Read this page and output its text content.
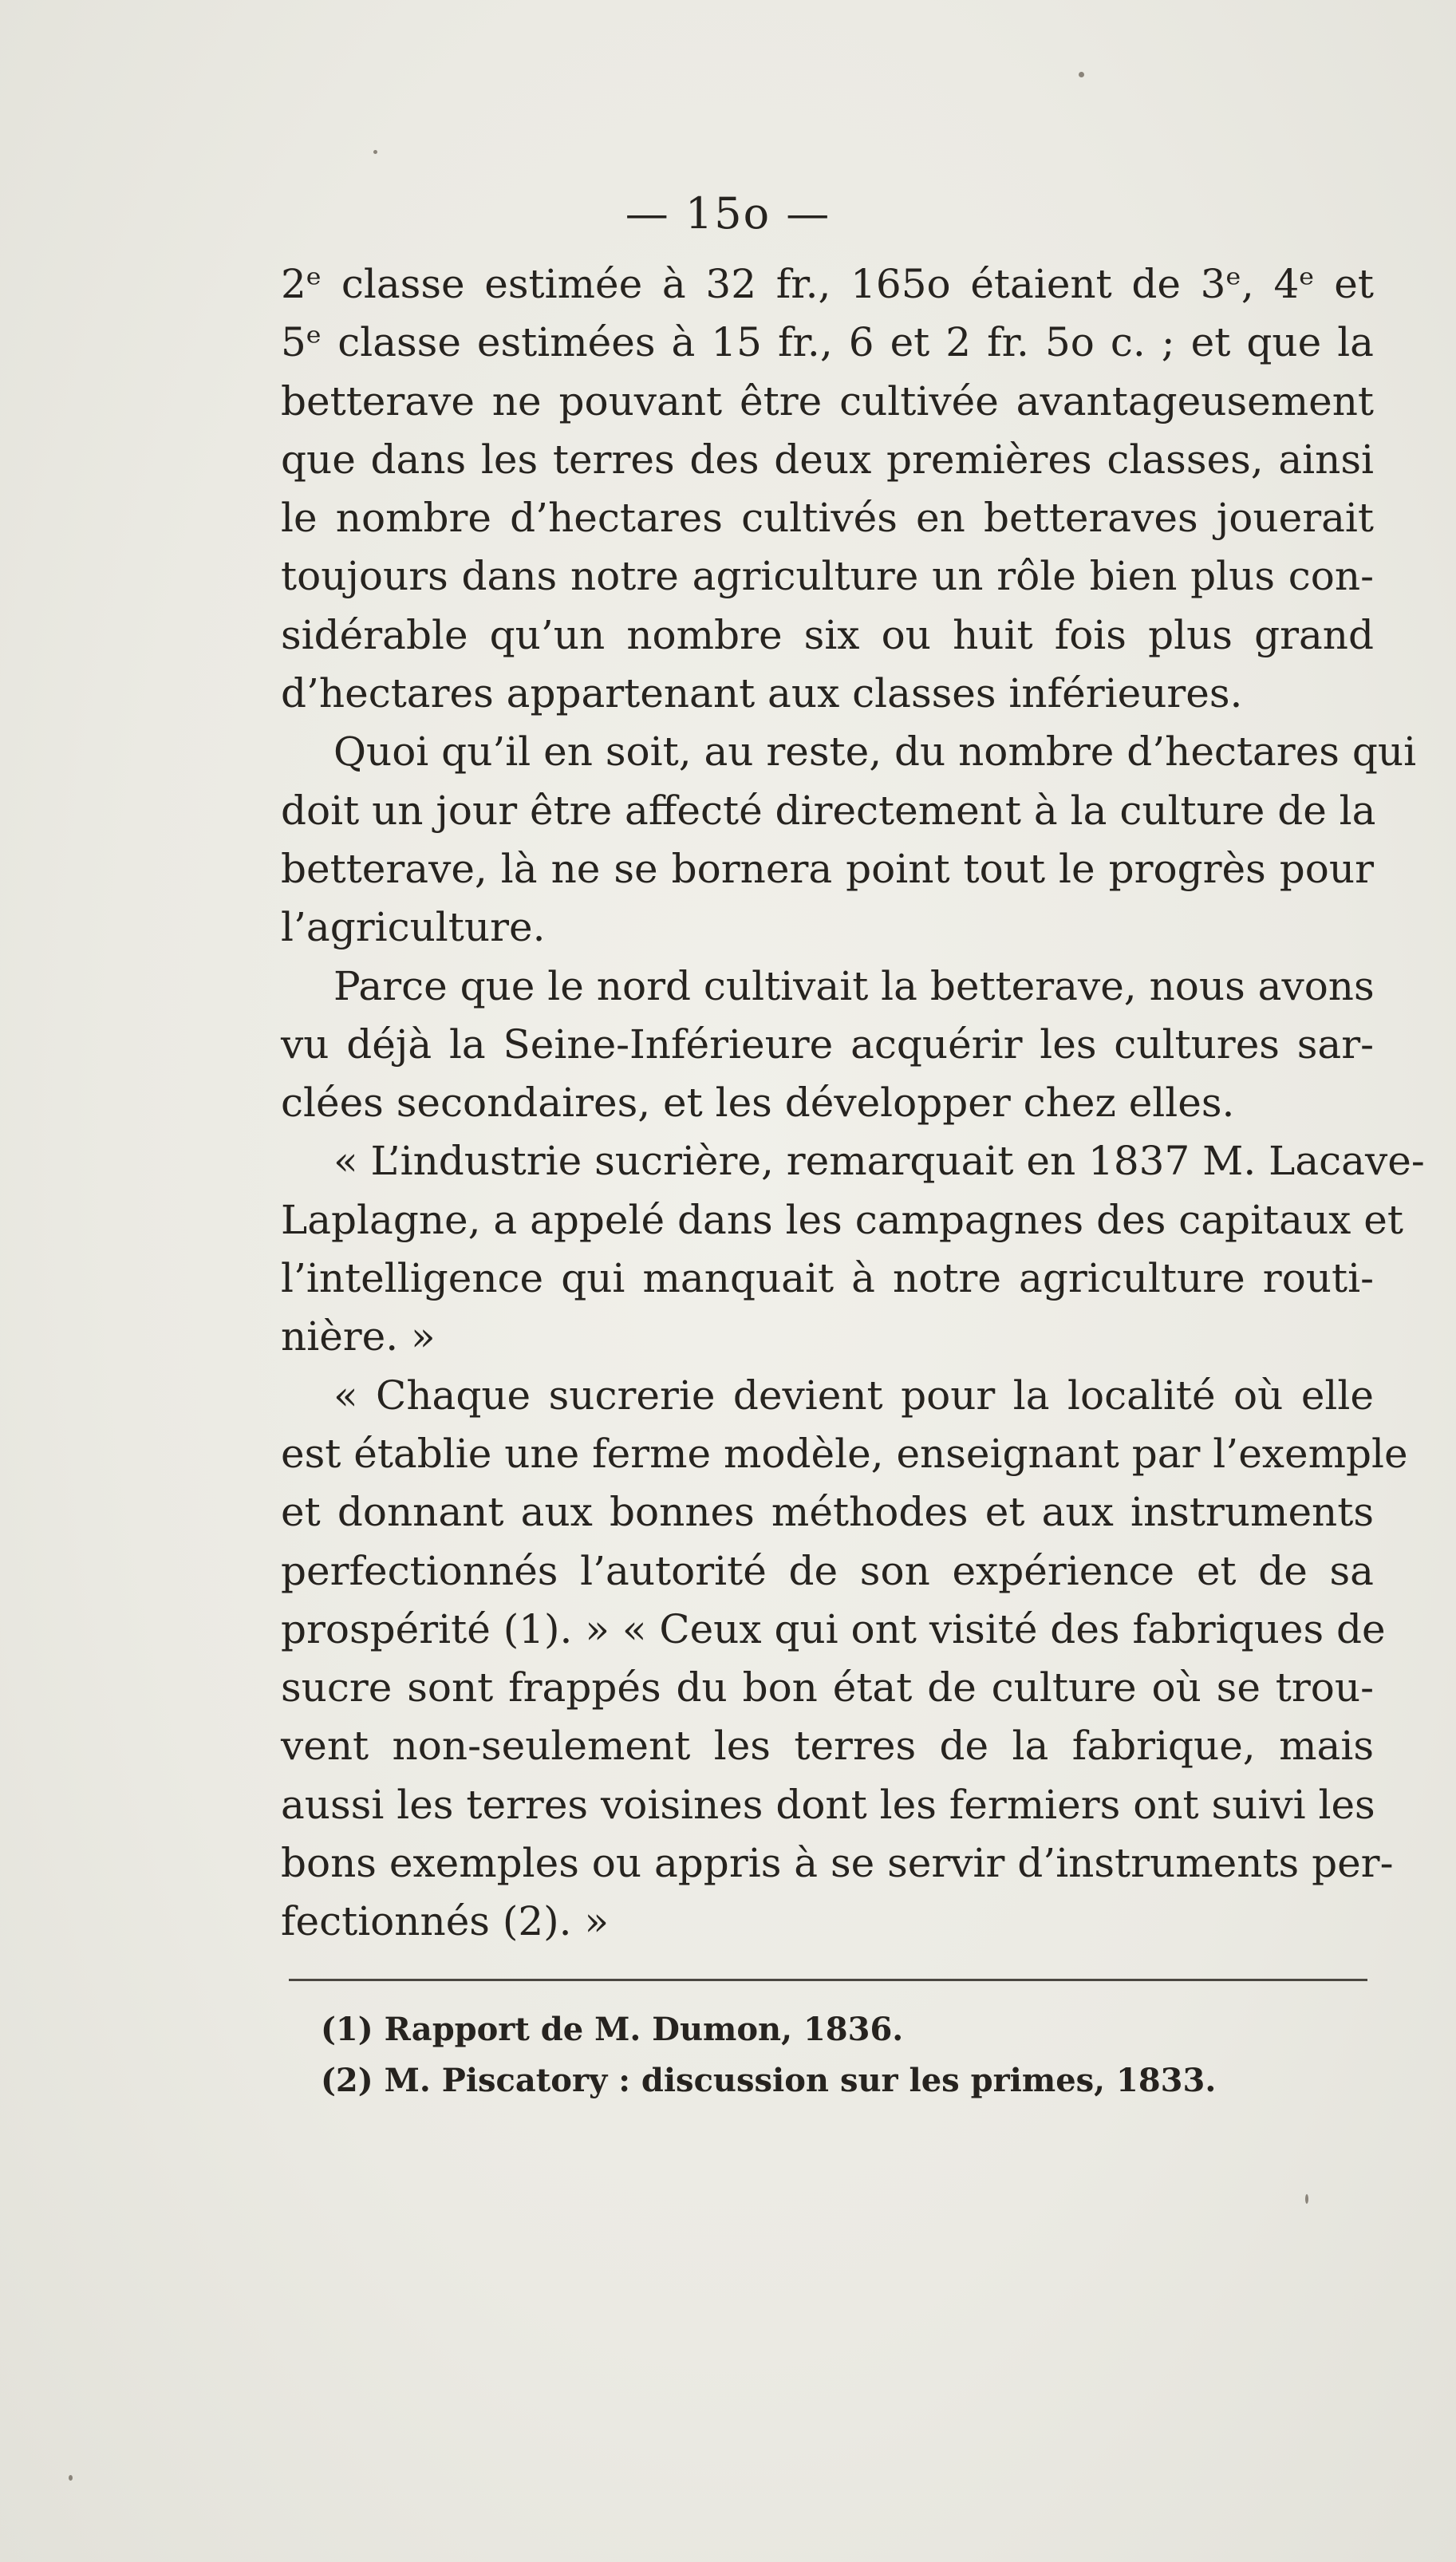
— 15o —
2ᵉ classe estimée à 32 fr., 165o étaient de 3ᵉ, 4ᵉ et
5ᵉ classe estimées à 15 fr., 6 et 2 fr. 5o c. ; et que la
betterave ne pouvant être cultivée avantageusement
que dans les terres des deux premières classes, ainsi
le nombre d’hectares cultivés en betteraves jouerait
toujours dans notre agriculture un rôle bien plus con-
sidérable qu’un nombre six ou huit fois plus grand
d’hectares appartenant aux classes inférieures.
Quoi qu’il en soit, au reste, du nombre d’hectares qui
doit un jour être affecté directement à la culture de la
betterave, là ne se bornera point tout le progrès pour
l’agriculture.
Parce que le nord cultivait la betterave, nous avons
vu déjà la Seine-Inférieure acquérir les cultures sar-
clées secondaires, et les développer chez elles.
« L’industrie sucrière, remarquait en 1837 M. Lacave-
Laplagne, a appelé dans les campagnes des capitaux et
l’intelligence qui manquait à notre agriculture routi-
nière. »
« Chaque sucrerie devient pour la localité où elle
est établie une ferme modèle, enseignant par l’exemple
et donnant aux bonnes méthodes et aux instruments
perfectionnés l’autorité de son expérience et de sa
prospérité (1). » « Ceux qui ont visité des fabriques de
sucre sont frappés du bon état de culture où se trou-
vent non-seulement les terres de la fabrique, mais
aussi les terres voisines dont les fermiers ont suivi les
bons exemples ou appris à se servir d’instruments per-
fectionnés (2). »
(1) Rapport de M. Dumon, 1836.
(2) M. Piscatory : discussion sur les primes, 1833.
